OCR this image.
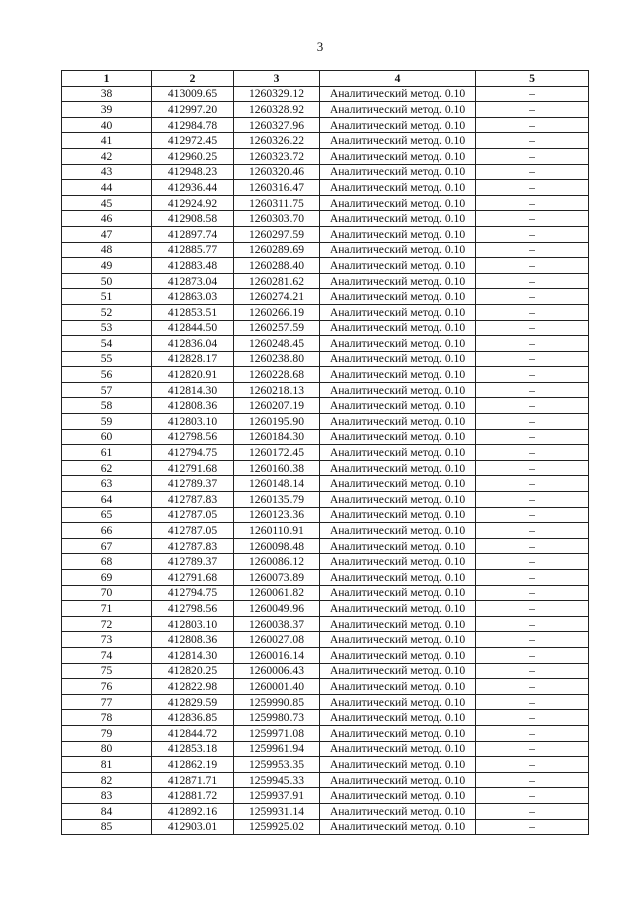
3
1	2	3	4	5
38	413009.65	1260329.12	Аналитический метод. 0.10	–
39	412997.20	1260328.92	Аналитический метод. 0.10	–
40	412984.78	1260327.96	Аналитический метод. 0.10	–
41	412972.45	1260326.22	Аналитический метод. 0.10	–
42	412960.25	1260323.72	Аналитический метод. 0.10	–
43	412948.23	1260320.46	Аналитический метод. 0.10	–
44	412936.44	1260316.47	Аналитический метод. 0.10	–
45	412924.92	1260311.75	Аналитический метод. 0.10	–
46	412908.58	1260303.70	Аналитический метод. 0.10	–
47	412897.74	1260297.59	Аналитический метод. 0.10	–
48	412885.77	1260289.69	Аналитический метод. 0.10	–
49	412883.48	1260288.40	Аналитический метод. 0.10	–
50	412873.04	1260281.62	Аналитический метод. 0.10	–
51	412863.03	1260274.21	Аналитический метод. 0.10	–
52	412853.51	1260266.19	Аналитический метод. 0.10	–
53	412844.50	1260257.59	Аналитический метод. 0.10	–
54	412836.04	1260248.45	Аналитический метод. 0.10	–
55	412828.17	1260238.80	Аналитический метод. 0.10	–
56	412820.91	1260228.68	Аналитический метод. 0.10	–
57	412814.30	1260218.13	Аналитический метод. 0.10	–
58	412808.36	1260207.19	Аналитический метод. 0.10	–
59	412803.10	1260195.90	Аналитический метод. 0.10	–
60	412798.56	1260184.30	Аналитический метод. 0.10	–
61	412794.75	1260172.45	Аналитический метод. 0.10	–
62	412791.68	1260160.38	Аналитический метод. 0.10	–
63	412789.37	1260148.14	Аналитический метод. 0.10	–
64	412787.83	1260135.79	Аналитический метод. 0.10	–
65	412787.05	1260123.36	Аналитический метод. 0.10	–
66	412787.05	1260110.91	Аналитический метод. 0.10	–
67	412787.83	1260098.48	Аналитический метод. 0.10	–
68	412789.37	1260086.12	Аналитический метод. 0.10	–
69	412791.68	1260073.89	Аналитический метод. 0.10	–
70	412794.75	1260061.82	Аналитический метод. 0.10	–
71	412798.56	1260049.96	Аналитический метод. 0.10	–
72	412803.10	1260038.37	Аналитический метод. 0.10	–
73	412808.36	1260027.08	Аналитический метод. 0.10	–
74	412814.30	1260016.14	Аналитический метод. 0.10	–
75	412820.25	1260006.43	Аналитический метод. 0.10	–
76	412822.98	1260001.40	Аналитический метод. 0.10	–
77	412829.59	1259990.85	Аналитический метод. 0.10	–
78	412836.85	1259980.73	Аналитический метод. 0.10	–
79	412844.72	1259971.08	Аналитический метод. 0.10	–
80	412853.18	1259961.94	Аналитический метод. 0.10	–
81	412862.19	1259953.35	Аналитический метод. 0.10	–
82	412871.71	1259945.33	Аналитический метод. 0.10	–
83	412881.72	1259937.91	Аналитический метод. 0.10	–
84	412892.16	1259931.14	Аналитический метод. 0.10	–
85	412903.01	1259925.02	Аналитический метод. 0.10	–
